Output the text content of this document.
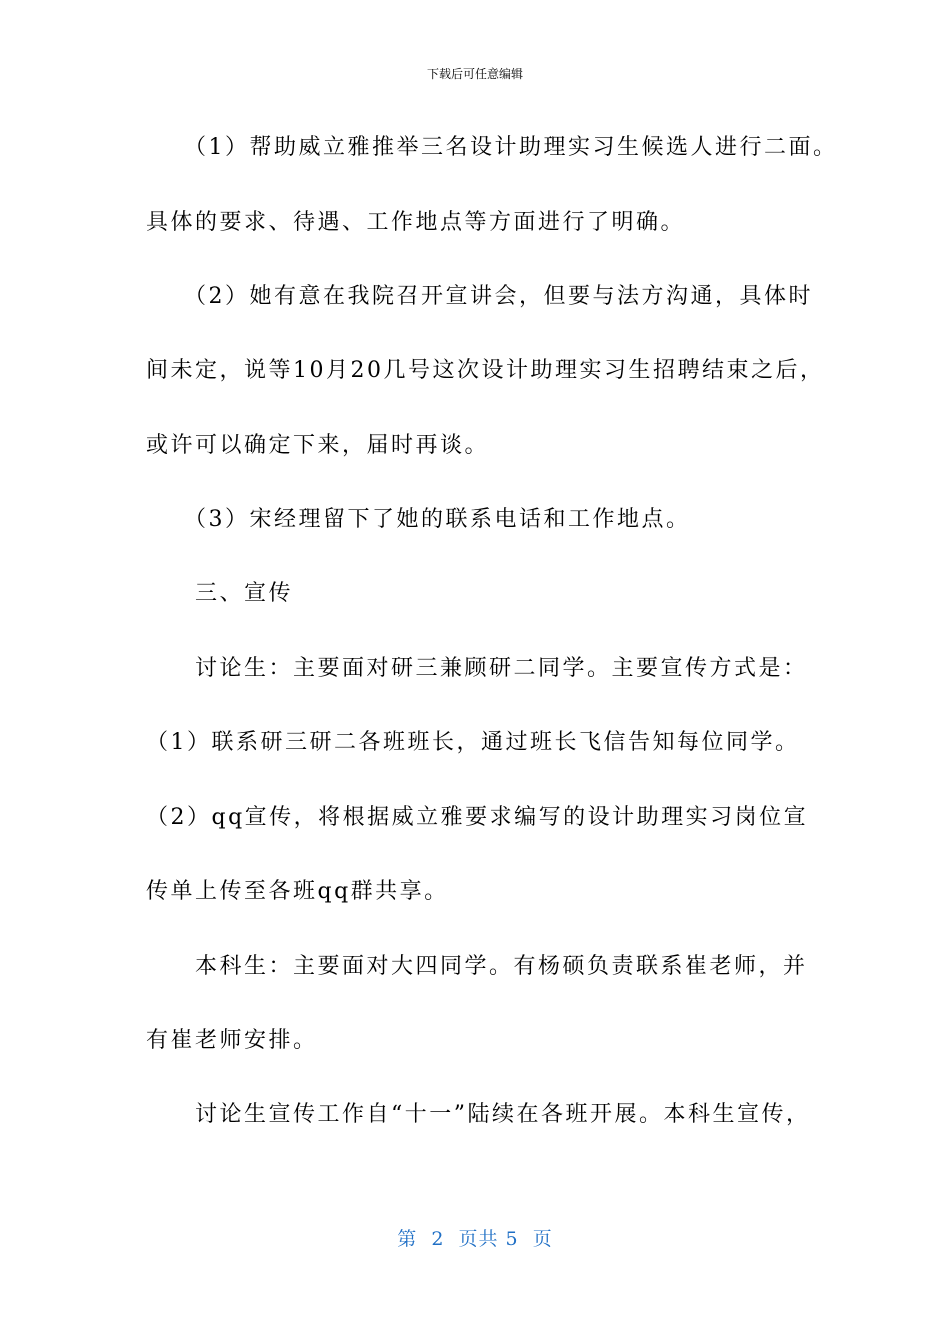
下载后可任意编辑
　　（1）帮助威立雅推举三名设计助理实习生候选人进行二面。
具体的要求、待遇、工作地点等方面进行了明确。
　　（2）她有意在我院召开宣讲会，但要与法方沟通，具体时
间未定，说等10月20几号这次设计助理实习生招聘结束之后，
或许可以确定下来，届时再谈。
　　（3）宋经理留下了她的联系电话和工作地点。
　　三、宣传
　　讨论生：主要面对研三兼顾研二同学。主要宣传方式是：
（1）联系研三研二各班班长，通过班长飞信告知每位同学。
（2）qq宣传，将根据威立雅要求编写的设计助理实习岗位宣
传单上传至各班qq群共享。
　　本科生：主要面对大四同学。有杨硕负责联系崔老师，并
有崔老师安排。
　　讨论生宣传工作自“十一”陆续在各班开展。本科生宣传，
第  2  页共 5  页
